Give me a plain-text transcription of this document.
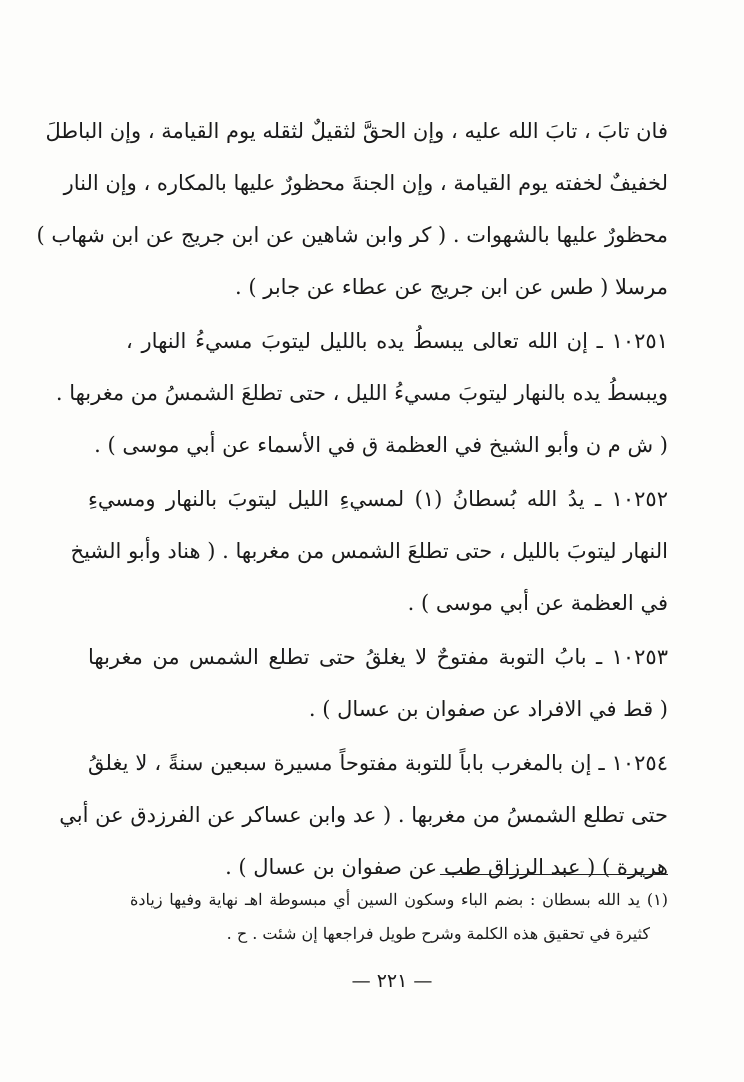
فان تابَ ، تابَ الله عليه ، وإن الحقَّ لثقيلٌ لثقله يوم القيامة ، وإن الباطلَ
لخفيفٌ لخفته يوم القيامة ، وإن الجنةَ محظورٌ عليها بالمكاره ، وإن النار
محظورٌ عليها بالشهوات . ( كر وابن شاهين عن ابن جريج عن ابن شهاب )
مرسلا ( طس عن ابن جريج عن عطاء عن جابر ) .
١٠٢٥١ ـ إن الله تعالى يبسطُ يده بالليل ليتوبَ مسيءُ النهار ،
ويبسطُ يده بالنهار ليتوبَ مسيءُ الليل ، حتى تطلعَ الشمسُ من مغربها .
( ش م ن وأبو الشيخ في العظمة ق في الأسماء عن أبي موسى ) .
١٠٢٥٢ ـ يدُ الله بُسطانُ (١) لمسيءِ الليل ليتوبَ بالنهار ومسيءِ
النهار ليتوبَ بالليل ، حتى تطلعَ الشمس من مغربها . ( هناد وأبو الشيخ
في العظمة عن أبي موسى ) .
١٠٢٥٣ ـ بابُ التوبة مفتوحٌ لا يغلقُ حتى تطلع الشمس من مغربها
( قط في الافراد عن صفوان بن عسال ) .
١٠٢٥٤ ـ إن بالمغرب باباً للتوبة مفتوحاً مسيرة سبعين سنةً ، لا يغلقُ
حتى تطلع الشمسُ من مغربها . ( عد وابن عساكر عن الفرزدق عن أبي
هريرة ) ( عبد الرزاق طب عن صفوان بن عسال ) .
(١) يد الله بسطان : بضم الباء وسكون السين أي مبسوطة اهـ نهاية وفيها زيادة
كثيرة في تحقيق هذه الكلمة وشرح طويل فراجعها إن شئت . ح .
— ٢٢١ —
